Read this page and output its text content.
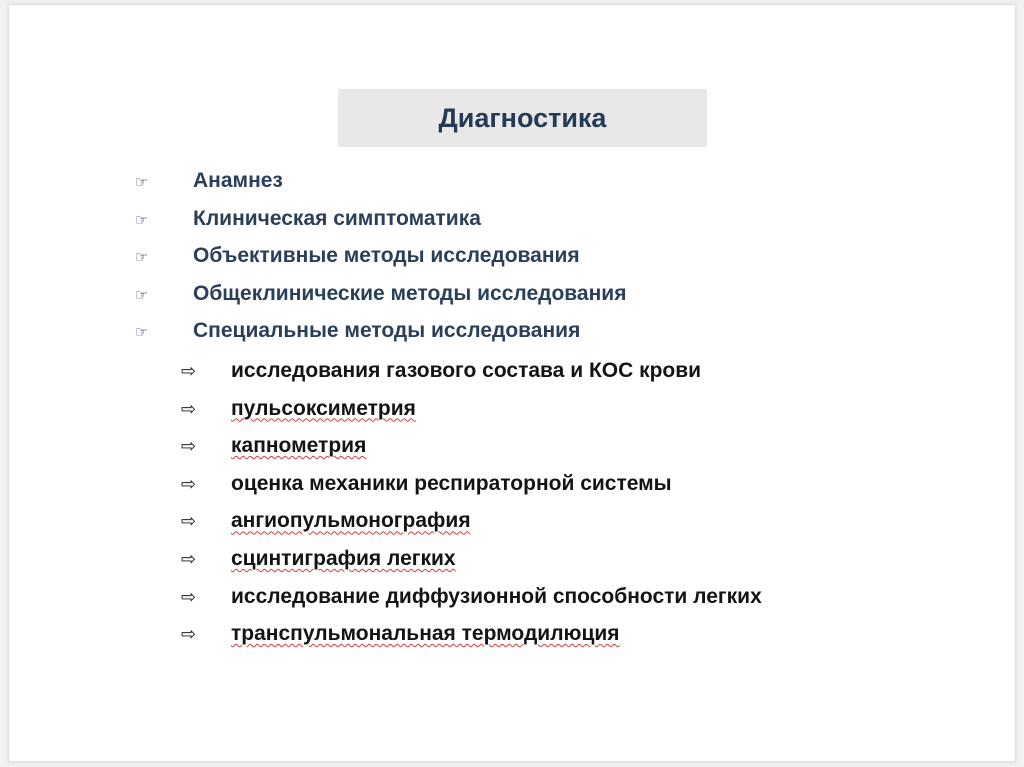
Диагностика
☞	Анамнез
☞	Клиническая симптоматика
☞	Объективные методы исследования
☞	Общеклинические методы исследования
☞	Специальные методы исследования
⇨	исследования газового состава и КОС крови
⇨	пульсоксиметрия
⇨	капнометрия
⇨	оценка механики респираторной системы
⇨	ангиопульмонография
⇨	сцинтиграфия легких
⇨	исследование диффузионной способности легких
⇨	транспульмональная термодилюция
